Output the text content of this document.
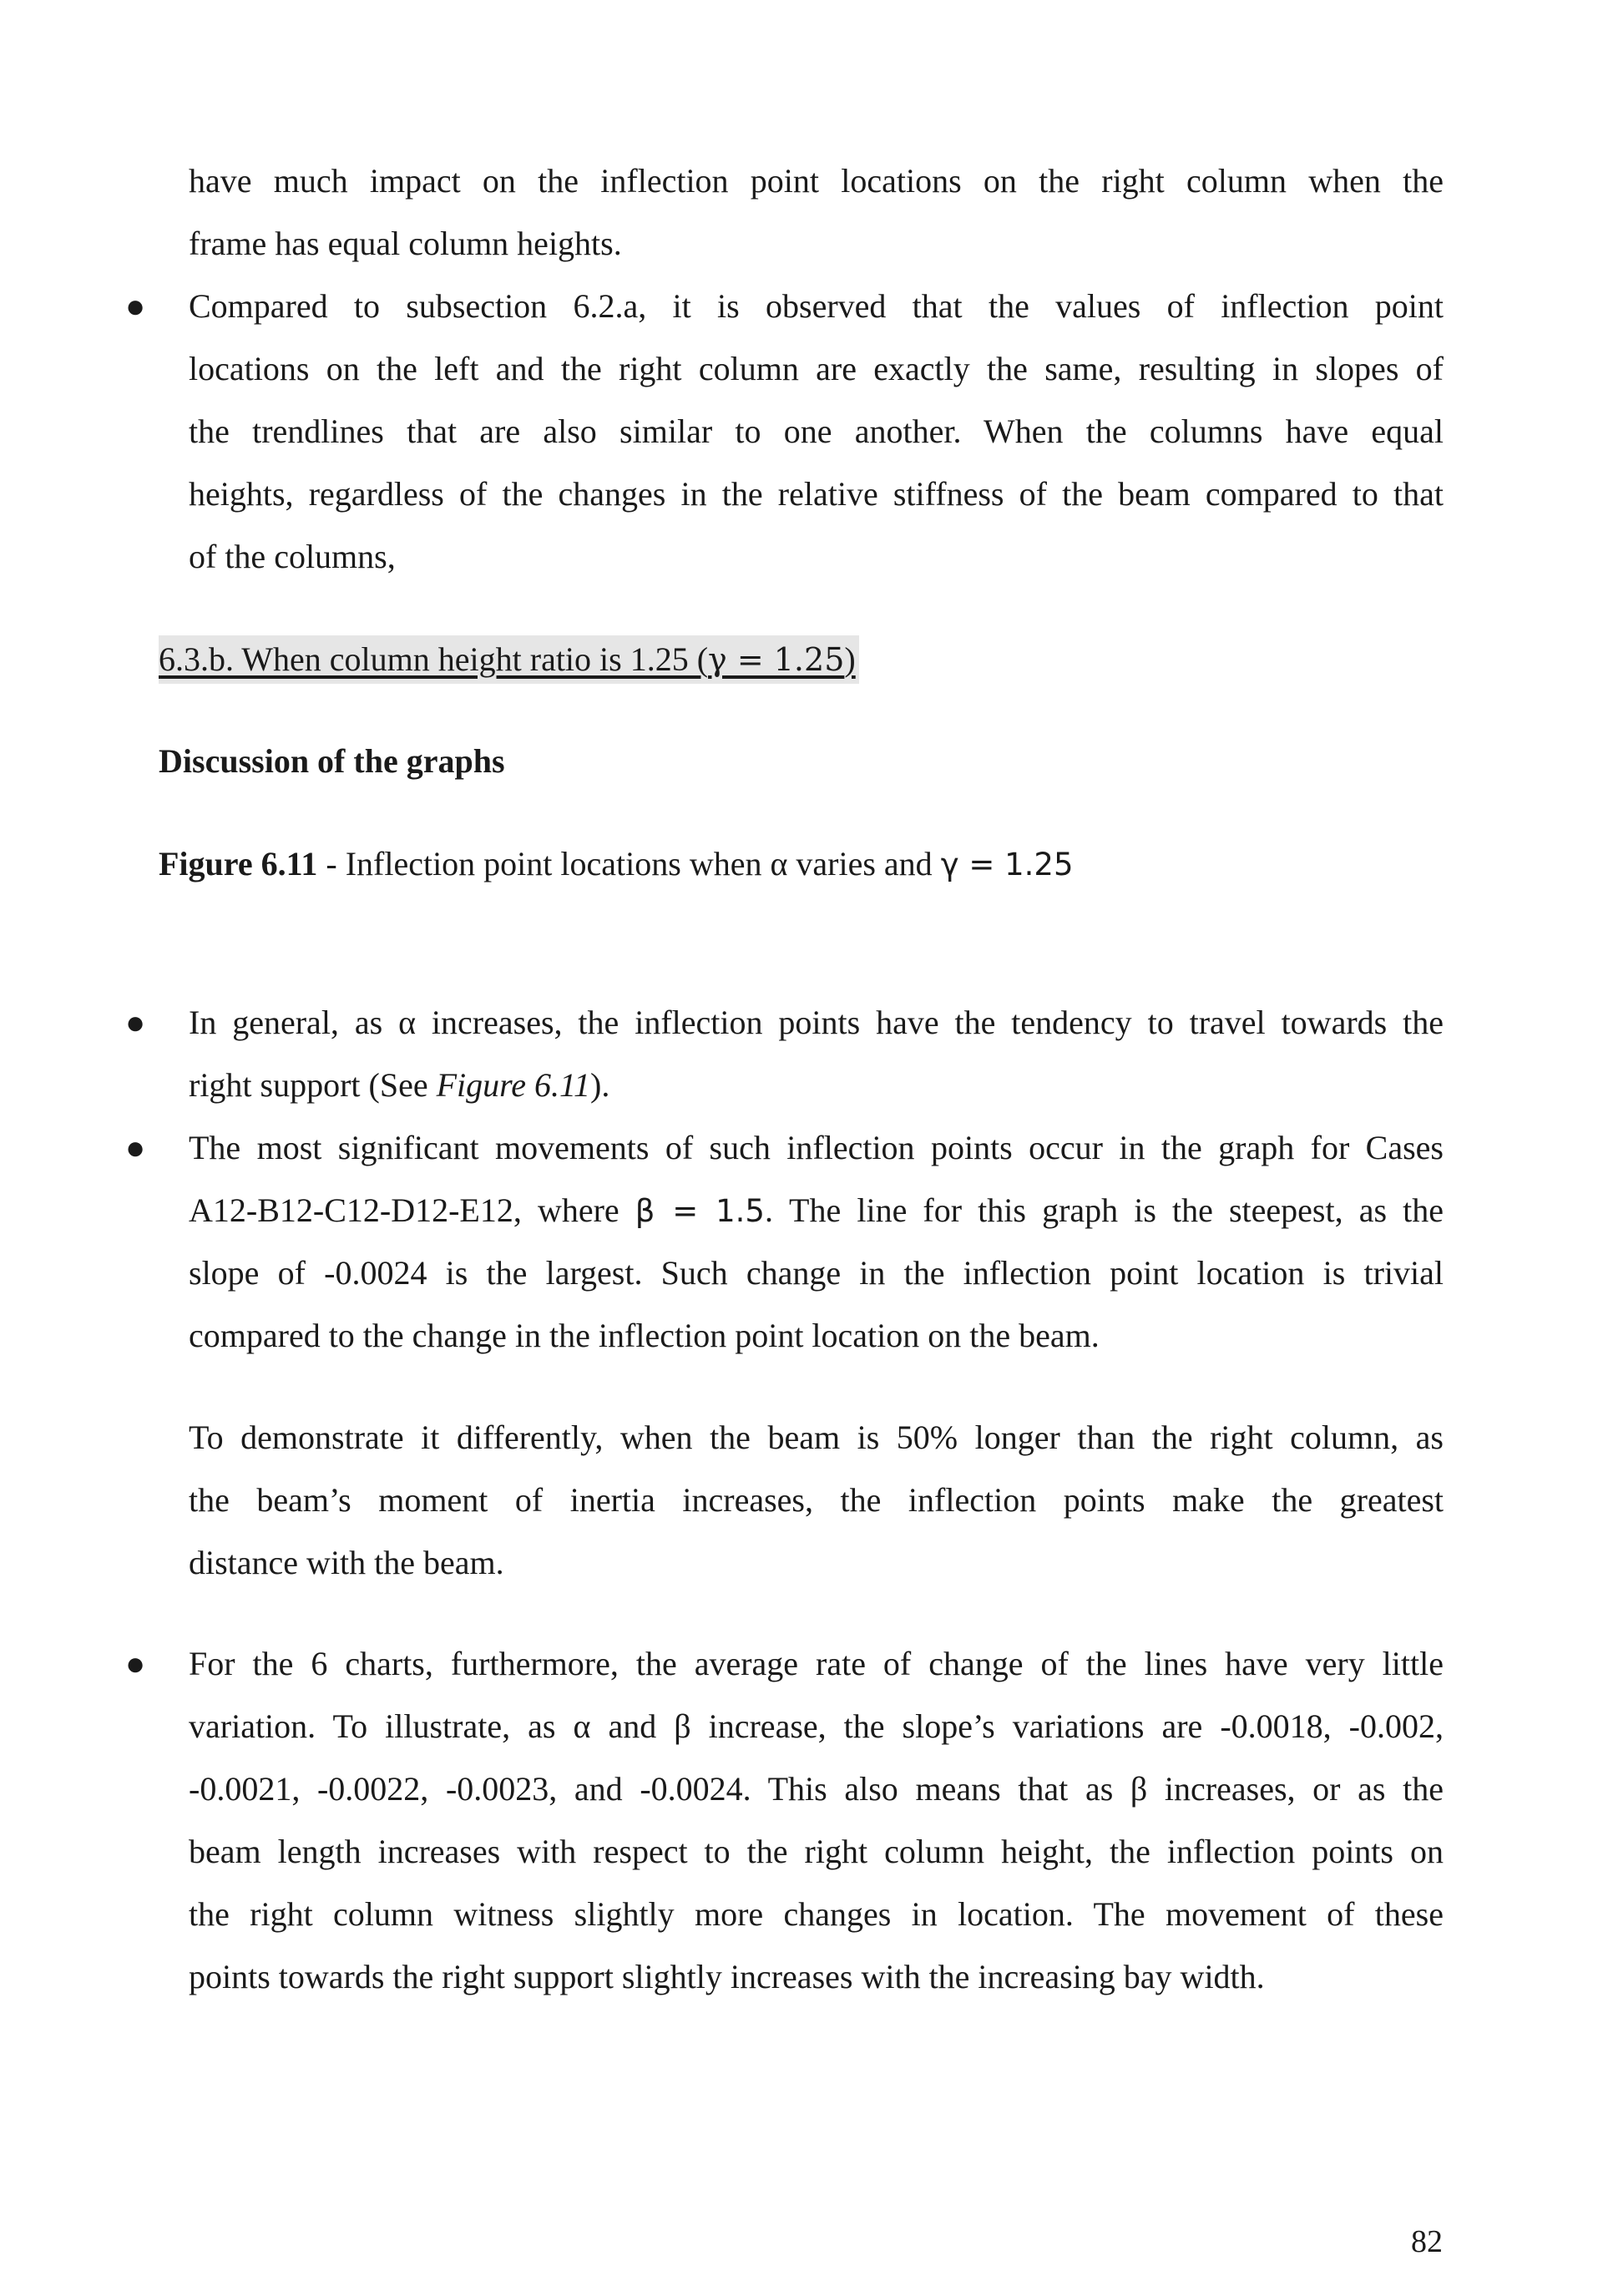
have much impact on the inflection point locations on the right column when the
frame has equal column heights.
● Compared to subsection 6.2.a, it is observed that the values of inflection point
locations on the left and the right column are exactly the same, resulting in slopes of
the trendlines that are also similar to one another. When the columns have equal
heights, regardless of the changes in the relative stiffness of the beam compared to that
of the columns,
6.3.b. When column height ratio is 1.25 (γ = 1.25)
Discussion of the graphs
Figure 6.11 - Inflection point locations when α varies and γ = 1.25
● In general, as α increases, the inflection points have the tendency to travel towards the
right support (See Figure 6.11).
● The most significant movements of such inflection points occur in the graph for Cases
A12-B12-C12-D12-E12, where β = 1.5. The line for this graph is the steepest, as the
slope of -0.0024 is the largest. Such change in the inflection point location is trivial
compared to the change in the inflection point location on the beam.
To demonstrate it differently, when the beam is 50% longer than the right column, as
the beam’s moment of inertia increases, the inflection points make the greatest
distance with the beam.
● For the 6 charts, furthermore, the average rate of change of the lines have very little
variation. To illustrate, as α and β increase, the slope’s variations are -0.0018, -0.002,
-0.0021, -0.0022, -0.0023, and -0.0024. This also means that as β increases, or as the
beam length increases with respect to the right column height, the inflection points on
the right column witness slightly more changes in location. The movement of these
points towards the right support slightly increases with the increasing bay width.
82
